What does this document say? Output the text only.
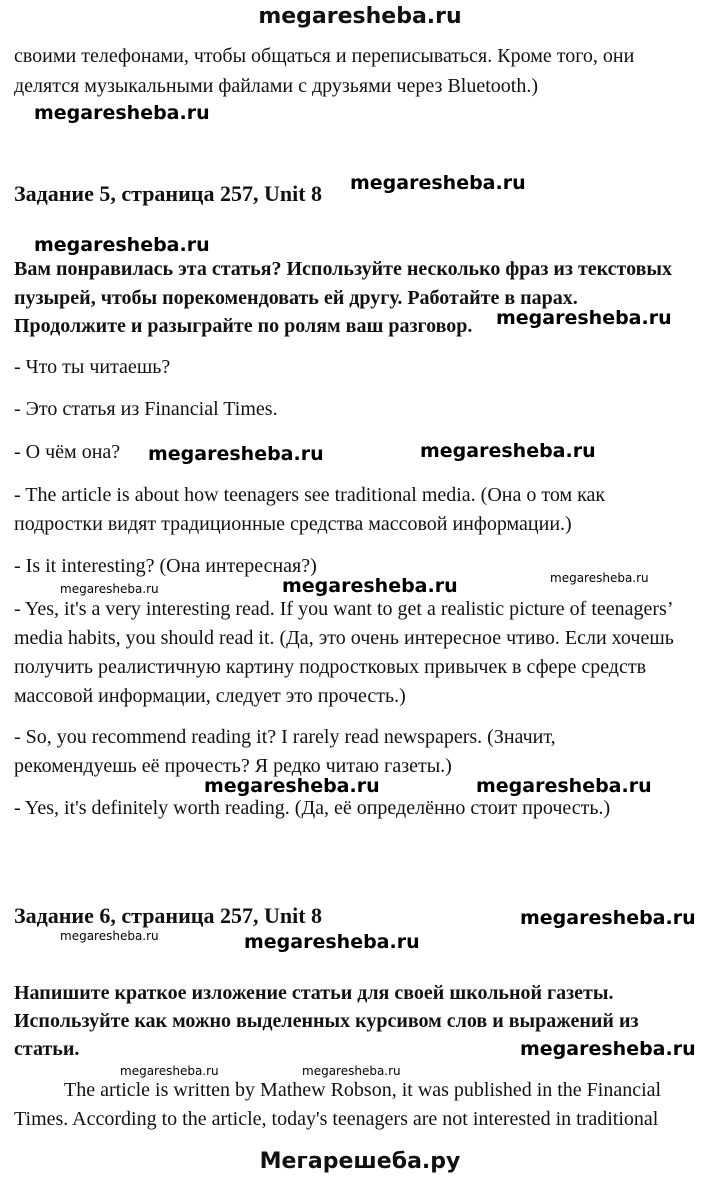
megaresheba.ru
своими телефонами, чтобы общаться и переписываться. Кроме того, они
делятся музыкальными файлами с друзьями через Bluetooth.)
megaresheba.ru
Задание 5, страница 257, Unit 8 megaresheba.ru
megaresheba.ru
Вам понравилась эта статья? Используйте несколько фраз из текстовых
пузырей, чтобы порекомендовать ей другу. Работайте в парах.
Продолжите и разыграйте по ролям ваш разговор. megaresheba.ru
- Что ты читаешь?
- Это статья из Financial Times.
- О чём она? megaresheba.ru	megaresheba.ru
- The article is about how teenagers see traditional media. (Она о том как
подростки видят традиционные средства массовой информации.)
- Is it interesting? (Она интересная?)
megaresheba.ru	megaresheba.ru	megaresheba.ru
- Yes, it's a very interesting read. If you want to get a realistic picture of teenagers’
media habits, you should read it. (Да, это очень интересное чтиво. Если хочешь
получить реалистичную картину подростковых привычек в сфере средств
массовой информации, следует это прочесть.)
- So, you recommend reading it? I rarely read newspapers. (Значит,
рекомендуешь её прочесть? Я редко читаю газеты.)
megaresheba.ru	megaresheba.ru
- Yes, it's definitely worth reading. (Да, её определённо стоит прочесть.)
Задание 6, страница 257, Unit 8	megaresheba.ru
megaresheba.ru	megaresheba.ru
Напишите краткое изложение статьи для своей школьной газеты.
Используйте как можно выделенных курсивом слов и выражений из
статьи.	megaresheba.ru
megaresheba.ru	megaresheba.ru
The article is written by Mathew Robson, it was published in the Financial
Times. According to the article, today's teenagers are not interested in traditional
Мегарешеба.ру
